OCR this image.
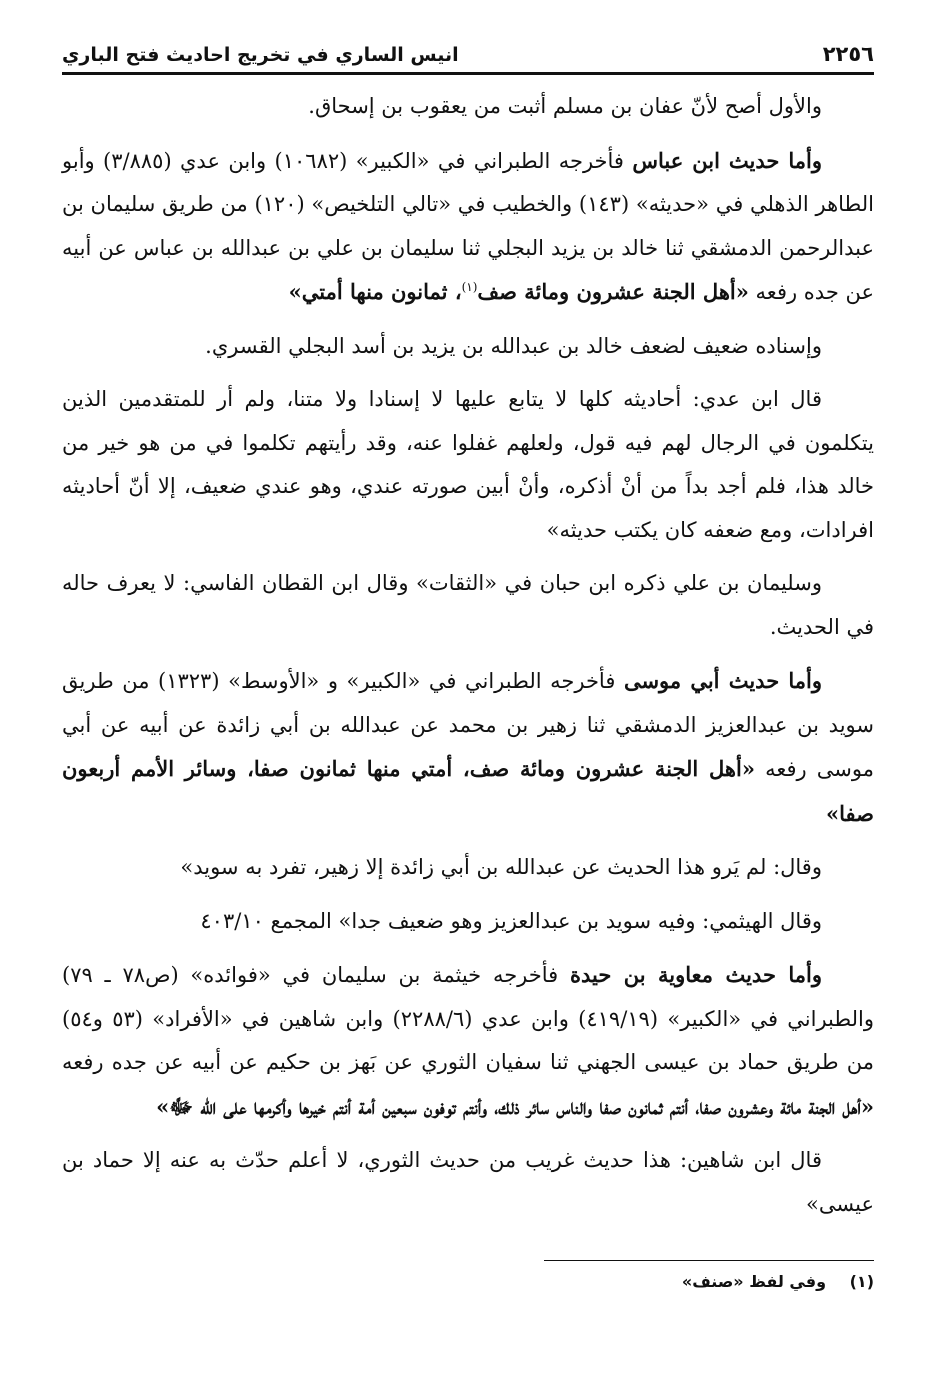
٢٢٥٦
انيس الساري في تخريج احاديث فتح الباري

والأول أصح لأنّ عفان بن مسلم أثبت من يعقوب بن إسحاق.

وأما حديث ابن عباس فأخرجه الطبراني في «الكبير» (١٠٦٨٢) وابن عدي (٣/٨٨٥) وأبو الطاهر الذهلي في «حديثه» (١٤٣) والخطيب في «تالي التلخيص» (١٢٠) من طريق سليمان بن عبدالرحمن الدمشقي ثنا خالد بن يزيد البجلي ثنا سليمان بن علي بن عبدالله بن عباس عن أبيه عن جده رفعه «أهل الجنة عشرون ومائة صف$^{(١)}$، ثمانون منها أمتي»

وإسناده ضعيف لضعف خالد بن عبدالله بن يزيد بن أسد البجلي القسري.

قال ابن عدي: أحاديثه كلها لا يتابع عليها لا إسنادا ولا متنا، ولم أر للمتقدمين الذين يتكلمون في الرجال لهم فيه قول، ولعلهم غفلوا عنه، وقد رأيتهم تكلموا في من هو خير من خالد هذا، فلم أجد بداً من أنْ أذكره، وأنْ أبين صورته عندي، وهو عندي ضعيف، إلا أنّ أحاديثه افرادات، ومع ضعفه كان يكتب حديثه»

وسليمان بن علي ذكره ابن حبان في «الثقات» وقال ابن القطان الفاسي: لا يعرف حاله في الحديث.

وأما حديث أبي موسى فأخرجه الطبراني في «الكبير» و «الأوسط» (١٣٢٣) من طريق سويد بن عبدالعزيز الدمشقي ثنا زهير بن محمد عن عبدالله بن أبي زائدة عن أبيه عن أبي موسى رفعه «أهل الجنة عشرون ومائة صف، أمتي منها ثمانون صفا، وسائر الأمم أربعون صفا»

وقال: لم يَرو هذا الحديث عن عبدالله بن أبي زائدة إلا زهير، تفرد به سويد»

وقال الهيثمي: وفيه سويد بن عبدالعزيز وهو ضعيف جدا» المجمع ٤٠٣/١٠

وأما حديث معاوية بن حيدة فأخرجه خيثمة بن سليمان في «فوائده» (ص٧٨ ـ ٧٩) والطبراني في «الكبير» (٤١٩/١٩) وابن عدي (٢٢٨٨/٦) وابن شاهين في «الأفراد» (٥٣ و٥٤) من طريق حماد بن عيسى الجهني ثنا سفيان الثوري عن بَهز بن حكيم عن أبيه عن جده رفعه «أهل الجنة مائة وعشرون صفا، أنتم ثمانون صفا والناس سائر ذلك، وأنتم توفون سبعين أمة أنتم خيرها وأكرمها على الله ﷻ»

قال ابن شاهين: هذا حديث غريب من حديث الثوري، لا أعلم حدّث به عنه إلا حماد بن عيسى»

(١) وفي لفظ «صنف»
